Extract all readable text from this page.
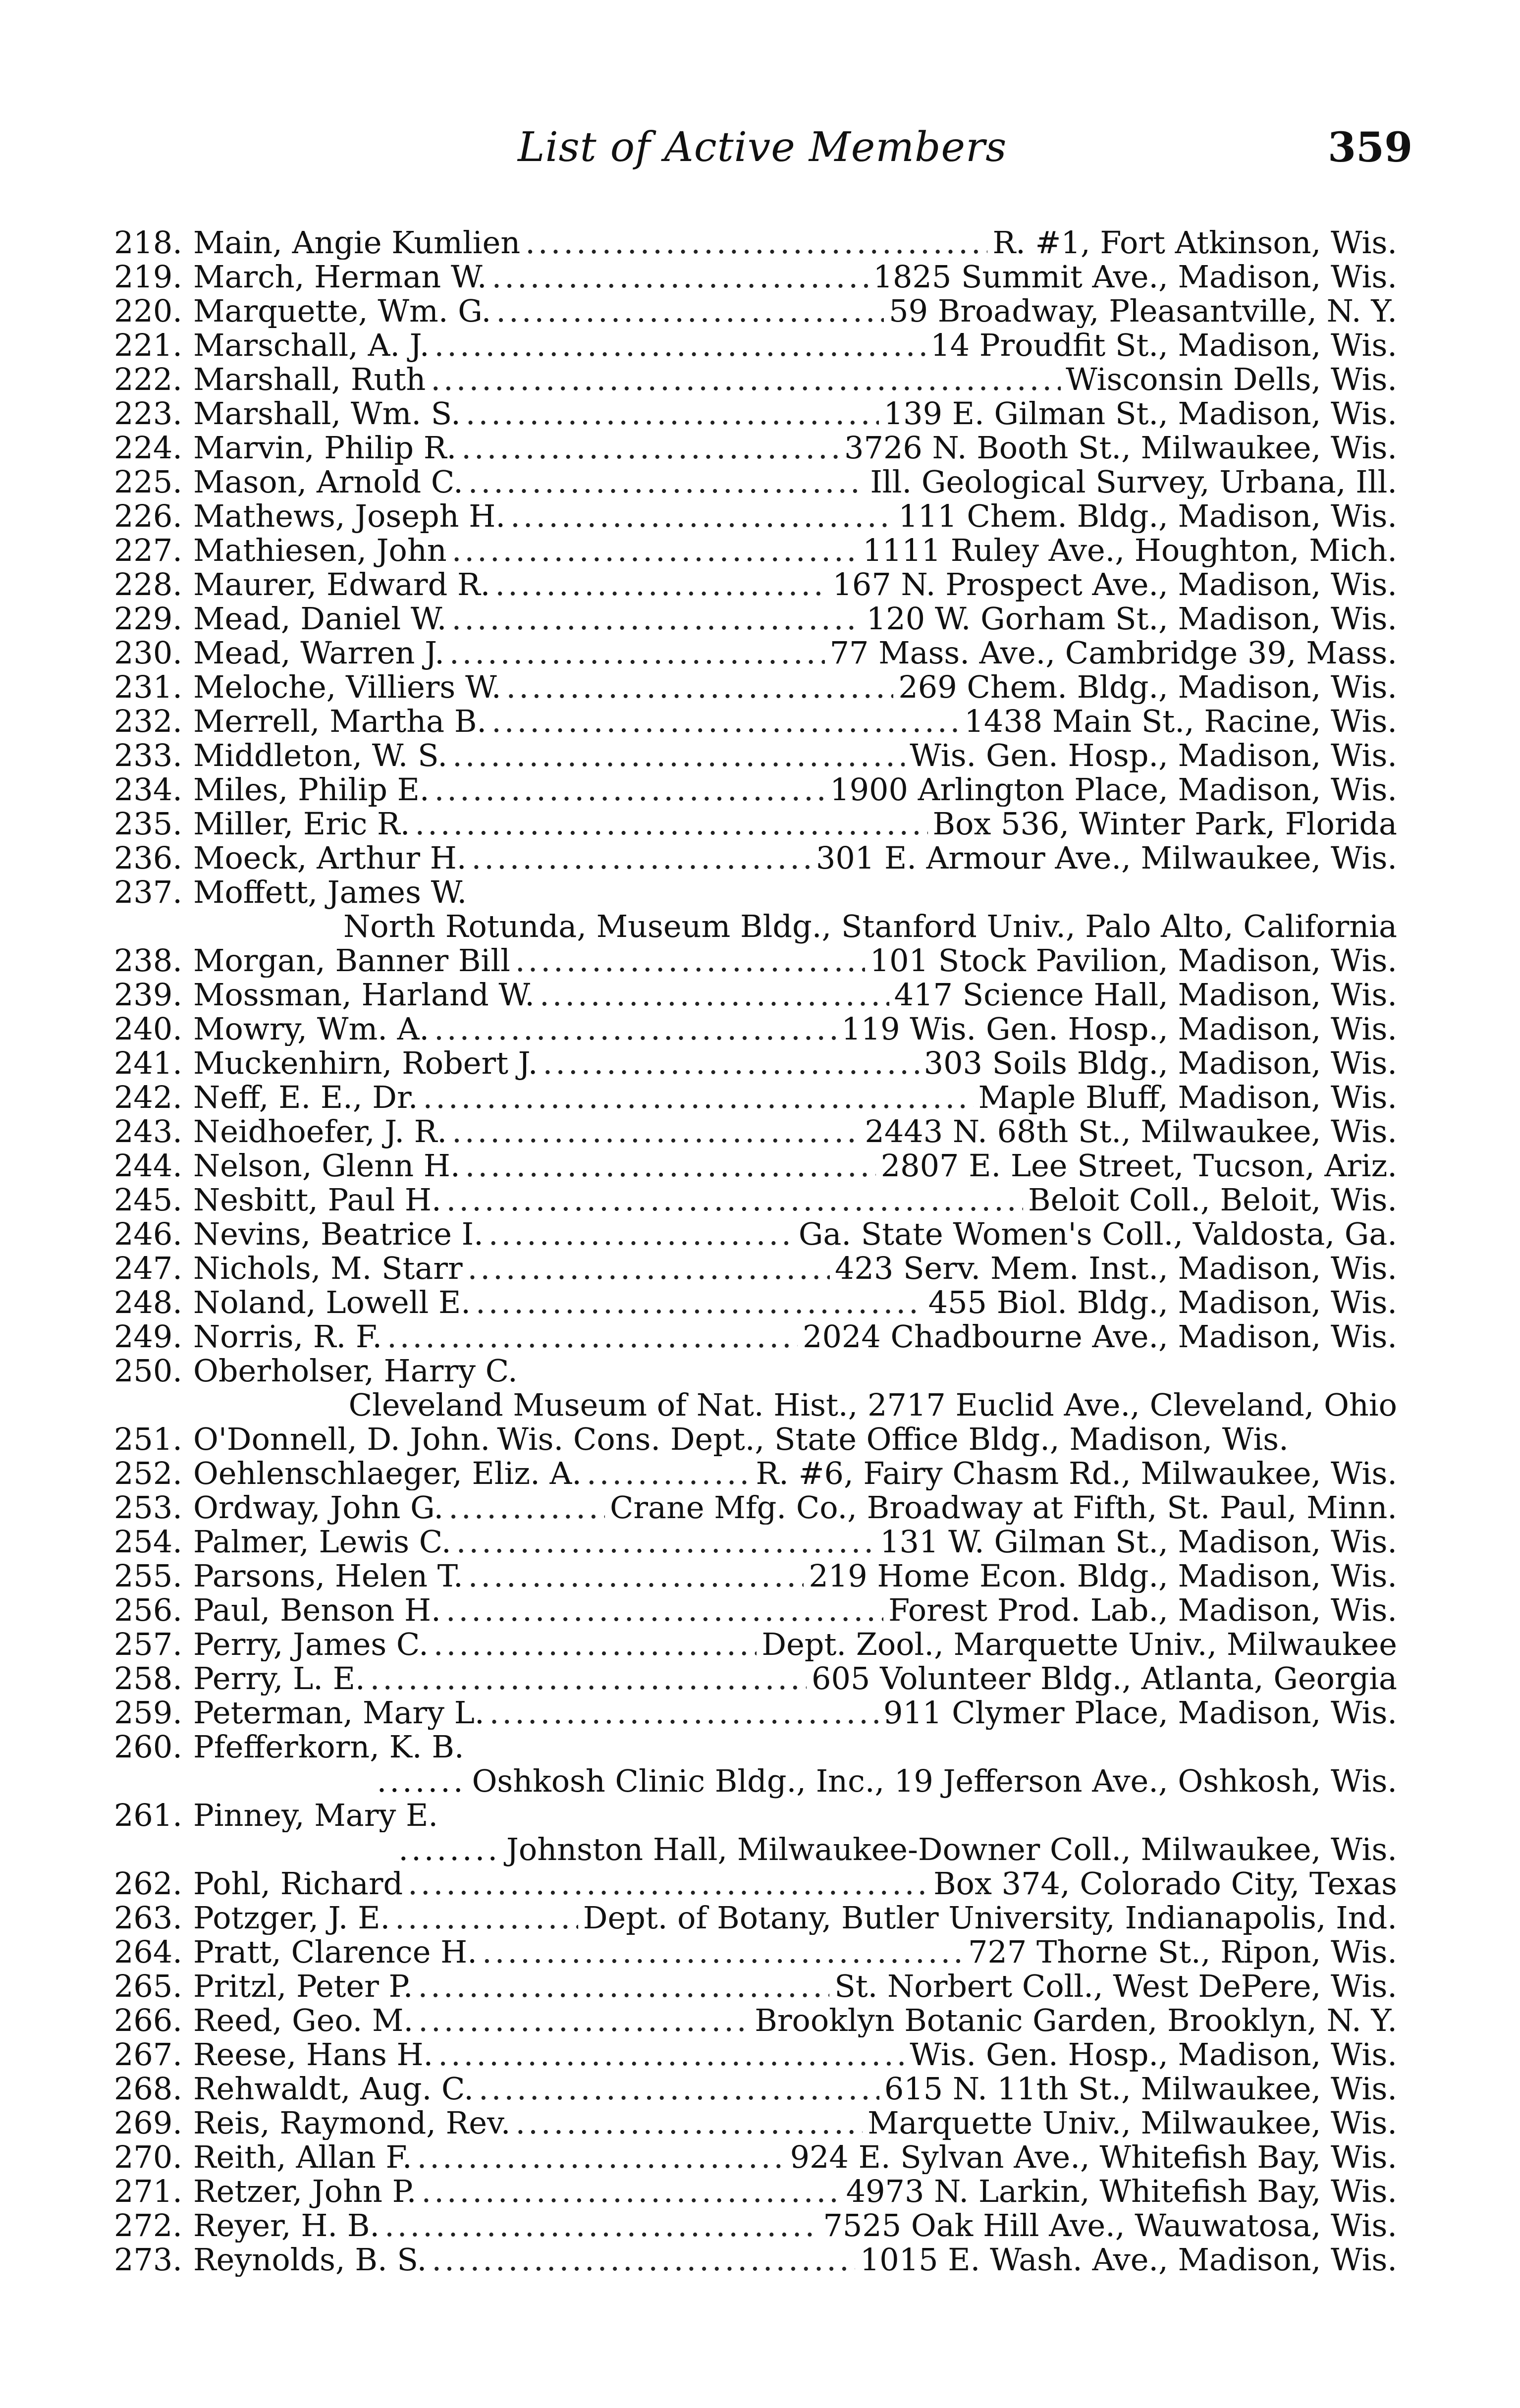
List of Active Members	359
218. Main, Angie Kumlien .....	R. #1, Fort Atkinson, Wis.
219. March, Herman W. .....	1825 Summit Ave., Madison, Wis.
220. Marquette, Wm. G. .....	59 Broadway, Pleasantville, N. Y.
221. Marschall, A. J. .....	14 Proudfit St., Madison, Wis.
222. Marshall, Ruth .....	Wisconsin Dells, Wis.
223. Marshall, Wm. S. .....	139 E. Gilman St., Madison, Wis.
224. Marvin, Philip R. .....	3726 N. Booth St., Milwaukee, Wis.
225. Mason, Arnold C. .....	Ill. Geological Survey, Urbana, Ill.
226. Mathews, Joseph H. .....	111 Chem. Bldg., Madison, Wis.
227. Mathiesen, John .....	1111 Ruley Ave., Houghton, Mich.
228. Maurer, Edward R. .....	167 N. Prospect Ave., Madison, Wis.
229. Mead, Daniel W. .....	120 W. Gorham St., Madison, Wis.
230. Mead, Warren J. .....	77 Mass. Ave., Cambridge 39, Mass.
231. Meloche, Villiers W. .....	269 Chem. Bldg., Madison, Wis.
232. Merrell, Martha B. .....	1438 Main St., Racine, Wis.
233. Middleton, W. S. .....	Wis. Gen. Hosp., Madison, Wis.
234. Miles, Philip E. .....	1900 Arlington Place, Madison, Wis.
235. Miller, Eric R. .....	Box 536, Winter Park, Florida
236. Moeck, Arthur H. .....	301 E. Armour Ave., Milwaukee, Wis.
237. Moffett, James W.
North Rotunda, Museum Bldg., Stanford Univ., Palo Alto, California
238. Morgan, Banner Bill .....	101 Stock Pavilion, Madison, Wis.
239. Mossman, Harland W. .....	417 Science Hall, Madison, Wis.
240. Mowry, Wm. A. .....	119 Wis. Gen. Hosp., Madison, Wis.
241. Muckenhirn, Robert J. .....	303 Soils Bldg., Madison, Wis.
242. Neff, E. E., Dr. .....	Maple Bluff, Madison, Wis.
243. Neidhoefer, J. R. .....	2443 N. 68th St., Milwaukee, Wis.
244. Nelson, Glenn H. .....	2807 E. Lee Street, Tucson, Ariz.
245. Nesbitt, Paul H. .....	Beloit Coll., Beloit, Wis.
246. Nevins, Beatrice I. .....	Ga. State Women's Coll., Valdosta, Ga.
247. Nichols, M. Starr .....	423 Serv. Mem. Inst., Madison, Wis.
248. Noland, Lowell E. .....	455 Biol. Bldg., Madison, Wis.
249. Norris, R. F. .....	2024 Chadbourne Ave., Madison, Wis.
250. Oberholser, Harry C.
Cleveland Museum of Nat. Hist., 2717 Euclid Ave., Cleveland, Ohio
251. O'Donnell, D. John. Wis. Cons. Dept., State Office Bldg., Madison, Wis.
252. Oehlenschlaeger, Eliz. A. .....	R. #6, Fairy Chasm Rd., Milwaukee, Wis.
253. Ordway, John G. .....	Crane Mfg. Co., Broadway at Fifth, St. Paul, Minn.
254. Palmer, Lewis C. .....	131 W. Gilman St., Madison, Wis.
255. Parsons, Helen T. .....	219 Home Econ. Bldg., Madison, Wis.
256. Paul, Benson H. .....	Forest Prod. Lab., Madison, Wis.
257. Perry, James C. .....	Dept. Zool., Marquette Univ., Milwaukee
258. Perry, L. E. .....	605 Volunteer Bldg., Atlanta, Georgia
259. Peterman, Mary L. .....	911 Clymer Place, Madison, Wis.
260. Pfefferkorn, K. B.
....... Oshkosh Clinic Bldg., Inc., 19 Jefferson Ave., Oshkosh, Wis.
261. Pinney, Mary E.
........ Johnston Hall, Milwaukee-Downer Coll., Milwaukee, Wis.
262. Pohl, Richard .....	Box 374, Colorado City, Texas
263. Potzger, J. E. .....	Dept. of Botany, Butler University, Indianapolis, Ind.
264. Pratt, Clarence H. .....	727 Thorne St., Ripon, Wis.
265. Pritzl, Peter P. .....	St. Norbert Coll., West DePere, Wis.
266. Reed, Geo. M. .....	Brooklyn Botanic Garden, Brooklyn, N. Y.
267. Reese, Hans H. .....	Wis. Gen. Hosp., Madison, Wis.
268. Rehwaldt, Aug. C. .....	615 N. 11th St., Milwaukee, Wis.
269. Reis, Raymond, Rev. .....	Marquette Univ., Milwaukee, Wis.
270. Reith, Allan F. .....	924 E. Sylvan Ave., Whitefish Bay, Wis.
271. Retzer, John P. .....	4973 N. Larkin, Whitefish Bay, Wis.
272. Reyer, H. B. .....	7525 Oak Hill Ave., Wauwatosa, Wis.
273. Reynolds, B. S. .....	1015 E. Wash. Ave., Madison, Wis.
